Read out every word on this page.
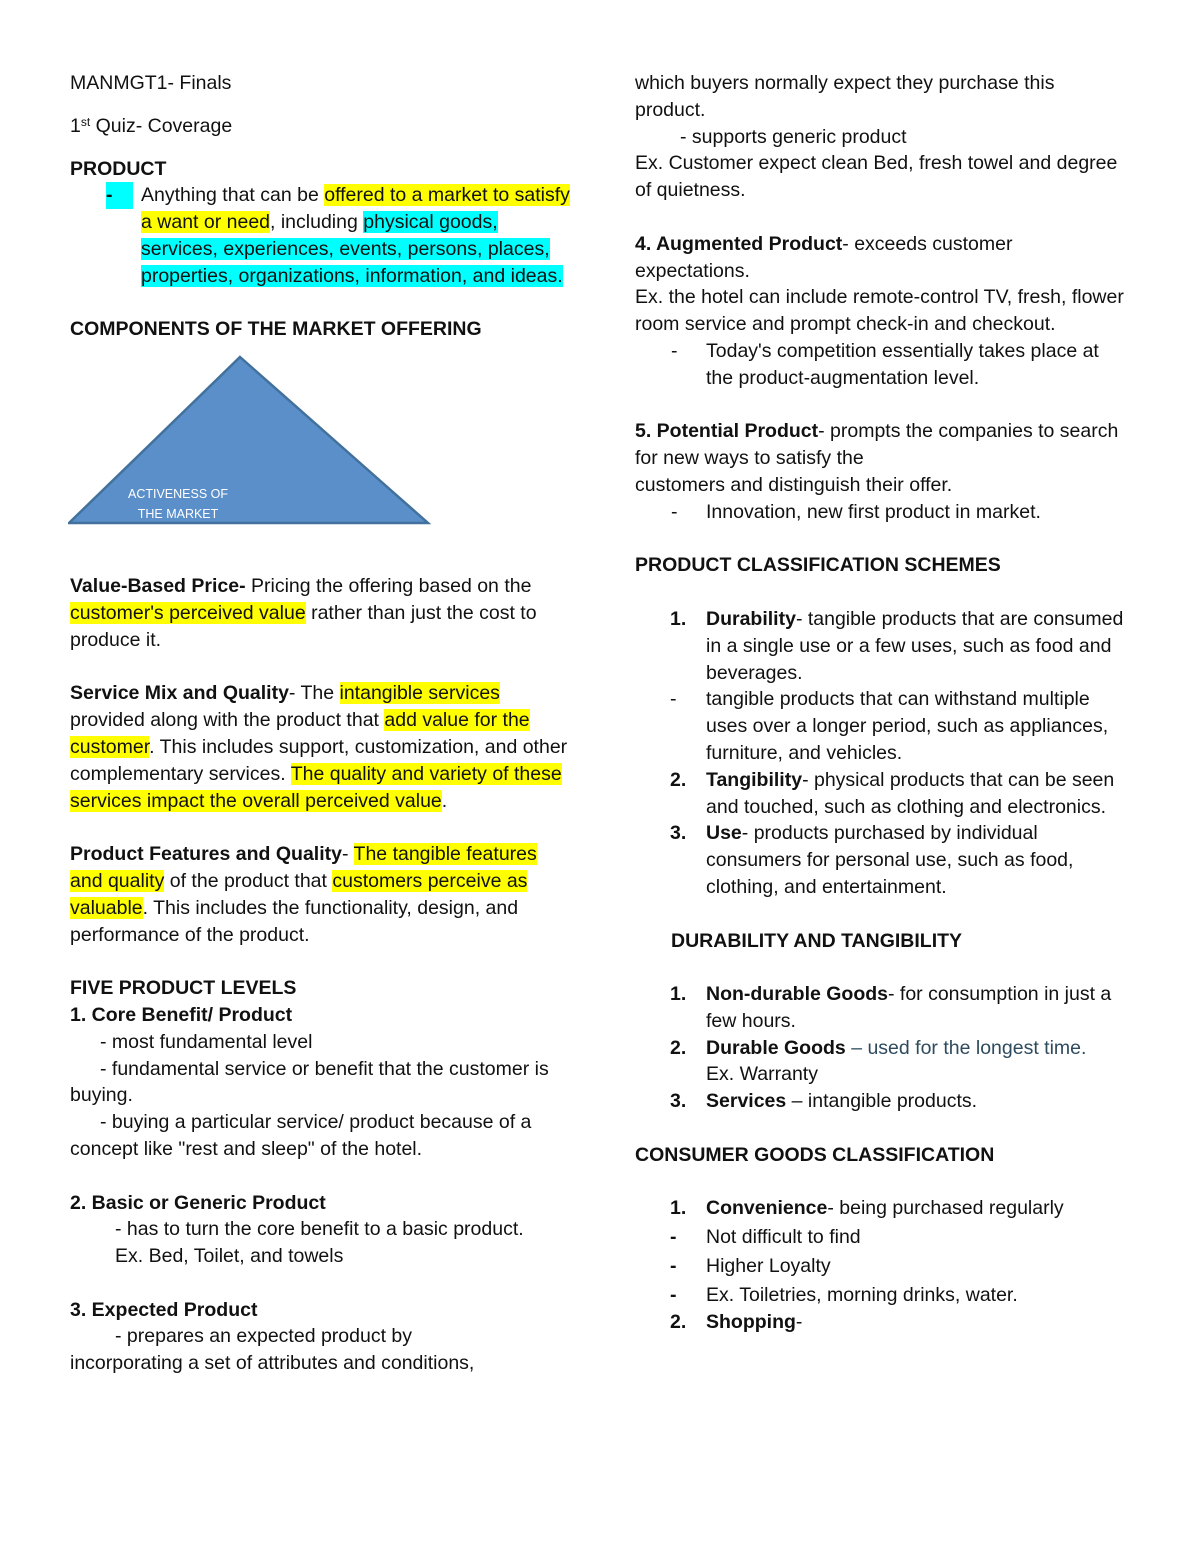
MANMGT1- Finals

1st Quiz- Coverage

PRODUCT

-	Anything that can be offered to a market to satisfy a want or need, including physical goods, services, experiences, events, persons, places, properties, organizations, information, and ideas.

COMPONENTS OF THE MARKET OFFERING

ACTIVENESS OF
THE MARKET
OFFERINGS

Value-Based Price- Pricing the offering based on the customer's perceived value rather than just the cost to produce it.

Service Mix and Quality- The intangible services provided along with the product that add value for the customer. This includes support, customization, and other complementary services. The quality and variety of these services impact the overall perceived value.

Product Features and Quality- The tangible features and quality of the product that customers perceive as valuable. This includes the functionality, design, and performance of the product.

FIVE PRODUCT LEVELS

1. Core Benefit/ Product

- most fundamental level

- fundamental service or benefit that the customer is buying.

- buying a particular service/ product because of a concept like "rest and sleep" of the hotel.

2. Basic or Generic Product

- has to turn the core benefit to a basic product.

Ex. Bed, Toilet, and towels

3. Expected Product

- prepares an expected product by

incorporating a set of attributes and conditions,

which buyers normally expect they purchase this product.

- supports generic product

Ex. Customer expect clean Bed, fresh towel and degree of quietness.

4. Augmented Product- exceeds customer expectations.

Ex. the hotel can include remote-control TV, fresh, flower room service and prompt check-in and checkout.

- Today's competition essentially takes place at the product-augmentation level.

5. Potential Product- prompts the companies to search for new ways to satisfy the

customers and distinguish their offer.

- Innovation, new first product in market.

PRODUCT CLASSIFICATION SCHEMES

1. Durability- tangible products that are consumed in a single use or a few uses, such as food and beverages.
- tangible products that can withstand multiple uses over a longer period, such as appliances, furniture, and vehicles.
2. Tangibility- physical products that can be seen and touched, such as clothing and electronics.
3. Use- products purchased by individual consumers for personal use, such as food, clothing, and entertainment.

DURABILITY AND TANGIBILITY

1. Non-durable Goods- for consumption in just a few hours.
2. Durable Goods – used for the longest time.

Ex. Warranty

3. Services – intangible products.

CONSUMER GOODS CLASSIFICATION

1. Convenience- being purchased regularly
- Not difficult to find
- Higher Loyalty
- Ex. Toiletries, morning drinks, water.
2. Shopping-
